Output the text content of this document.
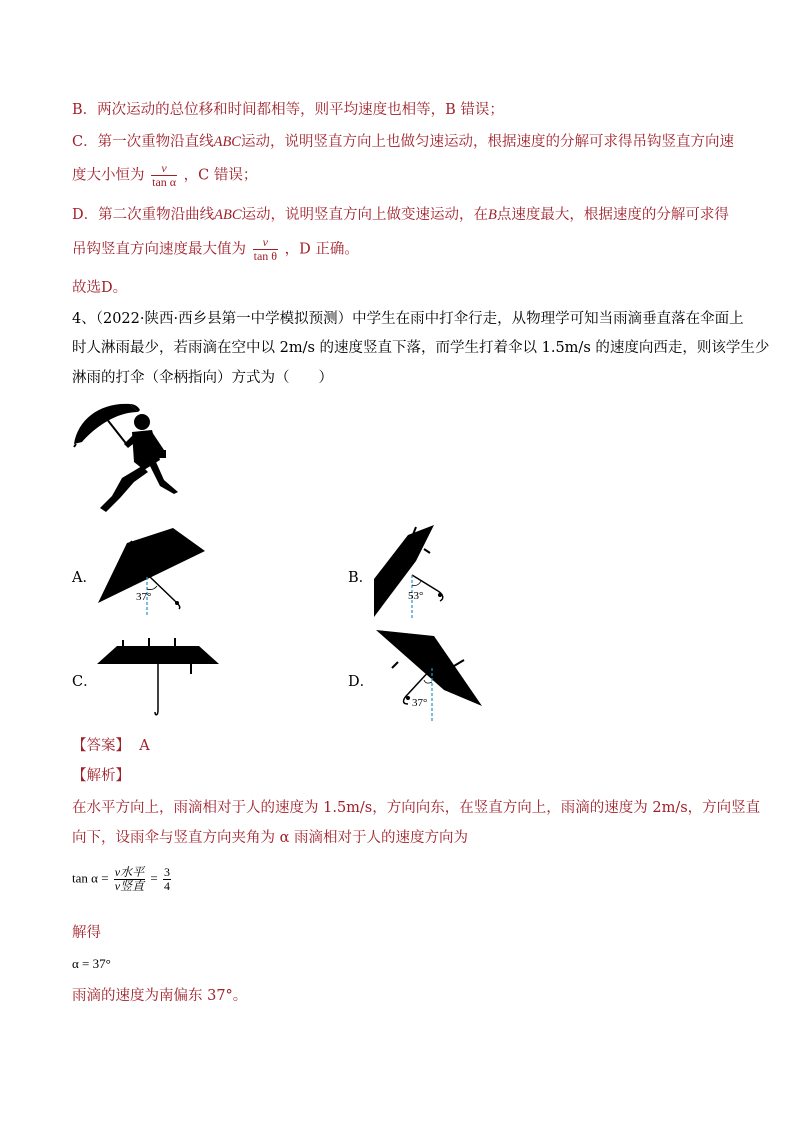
B．两次运动的总位移和时间都相等，则平均速度也相等，B 错误；
C．第一次重物沿直线ABC运动，说明竖直方向上也做匀速运动，根据速度的分解可求得吊钩竖直方向速
度大小恒为 $\frac{v}{\text{tan α}}$ ，C 错误；
D．第二次重物沿曲线ABC运动，说明竖直方向上做变速运动，在B点速度最大，根据速度的分解可求得
吊钩竖直方向速度最大值为 $\frac{v}{\text{tan θ}}$ ，D 正确。
故选D。
4、（2022·陕西·西乡县第一中学模拟预测）中学生在雨中打伞行走，从物理学可知当雨滴垂直落在伞面上
时人淋雨最少，若雨滴在空中以 2m/s 的速度竖直下落，而学生打着伞以 1.5m/s 的速度向西走，则该学生少
淋雨的打伞（伞柄指向）方式为（　　）
A．
37°
B．
53°
C．	D．
37°
【答案】 A
【解析】
在水平方向上，雨滴相对于人的速度为 1.5m/s，方向向东，在竖直方向上，雨滴的速度为 2m/s，方向竖直
向下，设雨伞与竖直方向夹角为 α 雨滴相对于人的速度方向为
$\tan \alpha = \frac{\text{v水平}}{\text{v竖直}} = \frac{3}{4}$
解得
α = 37°
雨滴的速度为南偏东 37°。
